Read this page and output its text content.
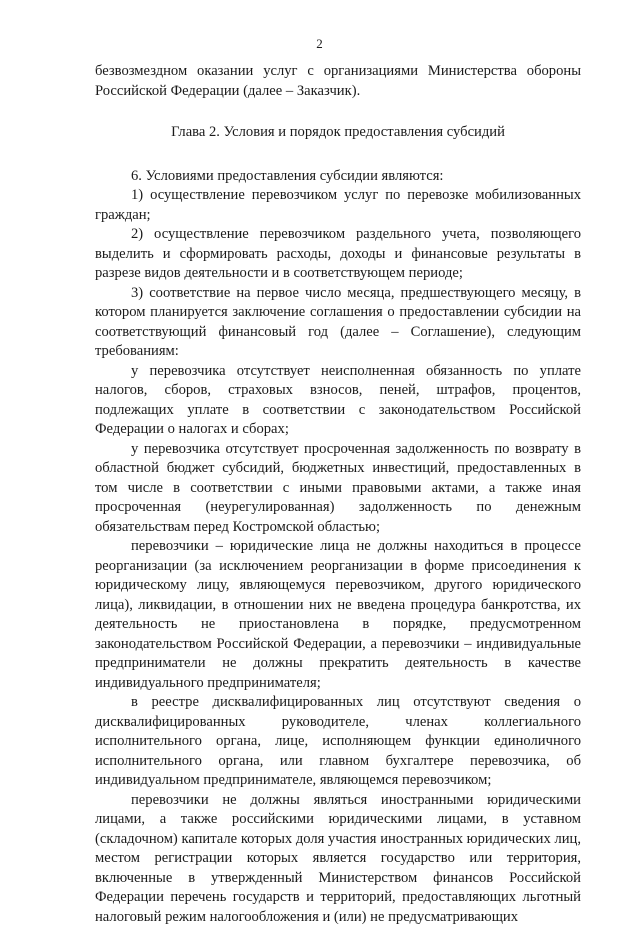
2

безвозмездном оказании услуг с организациями Министерства обороны Российской Федерации (далее – Заказчик).

Глава 2. Условия и порядок предоставления субсидий

6. Условиями предоставления субсидии являются:

1) осуществление перевозчиком услуг по перевозке мобилизованных граждан;

2) осуществление перевозчиком раздельного учета, позволяющего выделить и сформировать расходы, доходы и финансовые результаты в разрезе видов деятельности и в соответствующем периоде;

3) соответствие на первое число месяца, предшествующего месяцу, в котором планируется заключение соглашения о предоставлении субсидии на соответствующий финансовый год (далее – Соглашение), следующим требованиям:

у перевозчика отсутствует неисполненная обязанность по уплате налогов, сборов, страховых взносов, пеней, штрафов, процентов, подлежащих уплате в соответствии с законодательством Российской Федерации о налогах и сборах;

у перевозчика отсутствует просроченная задолженность по возврату в областной бюджет субсидий, бюджетных инвестиций, предоставленных в том числе в соответствии с иными правовыми актами, а также иная просроченная (неурегулированная) задолженность по денежным обязательствам перед Костромской областью;

перевозчики – юридические лица не должны находиться в процессе реорганизации (за исключением реорганизации в форме присоединения к юридическому лицу, являющемуся перевозчиком, другого юридического лица), ликвидации, в отношении них не введена процедура банкротства, их деятельность не приостановлена в порядке, предусмотренном законодательством Российской Федерации, а перевозчики – индивидуальные предприниматели не должны прекратить деятельность в качестве индивидуального предпринимателя;

в реестре дисквалифицированных лиц отсутствуют сведения о дисквалифицированных руководителе, членах коллегиального исполнительного органа, лице, исполняющем функции единоличного исполнительного органа, или главном бухгалтере перевозчика, об индивидуальном предпринимателе, являющемся перевозчиком;

перевозчики не должны являться иностранными юридическими лицами, а также российскими юридическими лицами, в уставном (складочном) капитале которых доля участия иностранных юридических лиц, местом регистрации которых является государство или территория, включенные в утвержденный Министерством финансов Российской Федерации перечень государств и территорий, предоставляющих льготный налоговый режим налогообложения и (или) не предусматривающих
